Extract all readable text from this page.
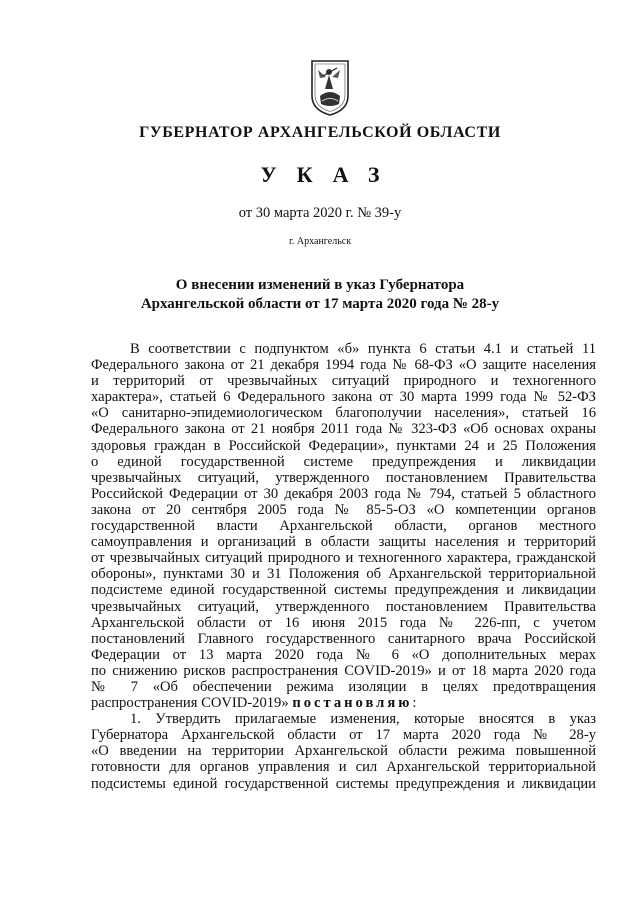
ГУБЕРНАТОР АРХАНГЕЛЬСКОЙ ОБЛАСТИ
УКАЗ
от 30 марта 2020 г. № 39-у
г. Архангельск
О внесении изменений в указ Губернатора
Архангельской области от 17 марта 2020 года № 28-у
В соответствии с подпунктом «б» пункта 6 статьи 4.1 и статьей 11
Федерального закона от 21 декабря 1994 года № 68-ФЗ «О защите населения
и территорий от чрезвычайных ситуаций природного и техногенного
характера», статьей 6 Федерального закона от 30 марта 1999 года № 52-ФЗ
«О санитарно-эпидемиологическом благополучии населения», статьей 16
Федерального закона от 21 ноября 2011 года № 323-ФЗ «Об основах охраны
здоровья граждан в Российской Федерации», пунктами 24 и 25 Положения
о единой государственной системе предупреждения и ликвидации
чрезвычайных ситуаций, утвержденного постановлением Правительства
Российской Федерации от 30 декабря 2003 года № 794, статьей 5 областного
закона от 20 сентября 2005 года № 85-5-ОЗ «О компетенции органов
государственной власти Архангельской области, органов местного
самоуправления и организаций в области защиты населения и территорий
от чрезвычайных ситуаций природного и техногенного характера, гражданской
обороны», пунктами 30 и 31 Положения об Архангельской территориальной
подсистеме единой государственной системы предупреждения и ликвидации
чрезвычайных ситуаций, утвержденного постановлением Правительства
Архангельской области от 16 июня 2015 года № 226-пп, с учетом
постановлений Главного государственного санитарного врача Российской
Федерации от 13 марта 2020 года № 6 «О дополнительных мерах
по снижению рисков распространения COVID-2019» и от 18 марта 2020 года
№ 7 «Об обеспечении режима изоляции в целях предотвращения
распространения COVID-2019» постановляю:
1. Утвердить прилагаемые изменения, которые вносятся в указ
Губернатора Архангельской области от 17 марта 2020 года № 28-у
«О введении на территории Архангельской области режима повышенной
готовности для органов управления и сил Архангельской территориальной
подсистемы единой государственной системы предупреждения и ликвидации
